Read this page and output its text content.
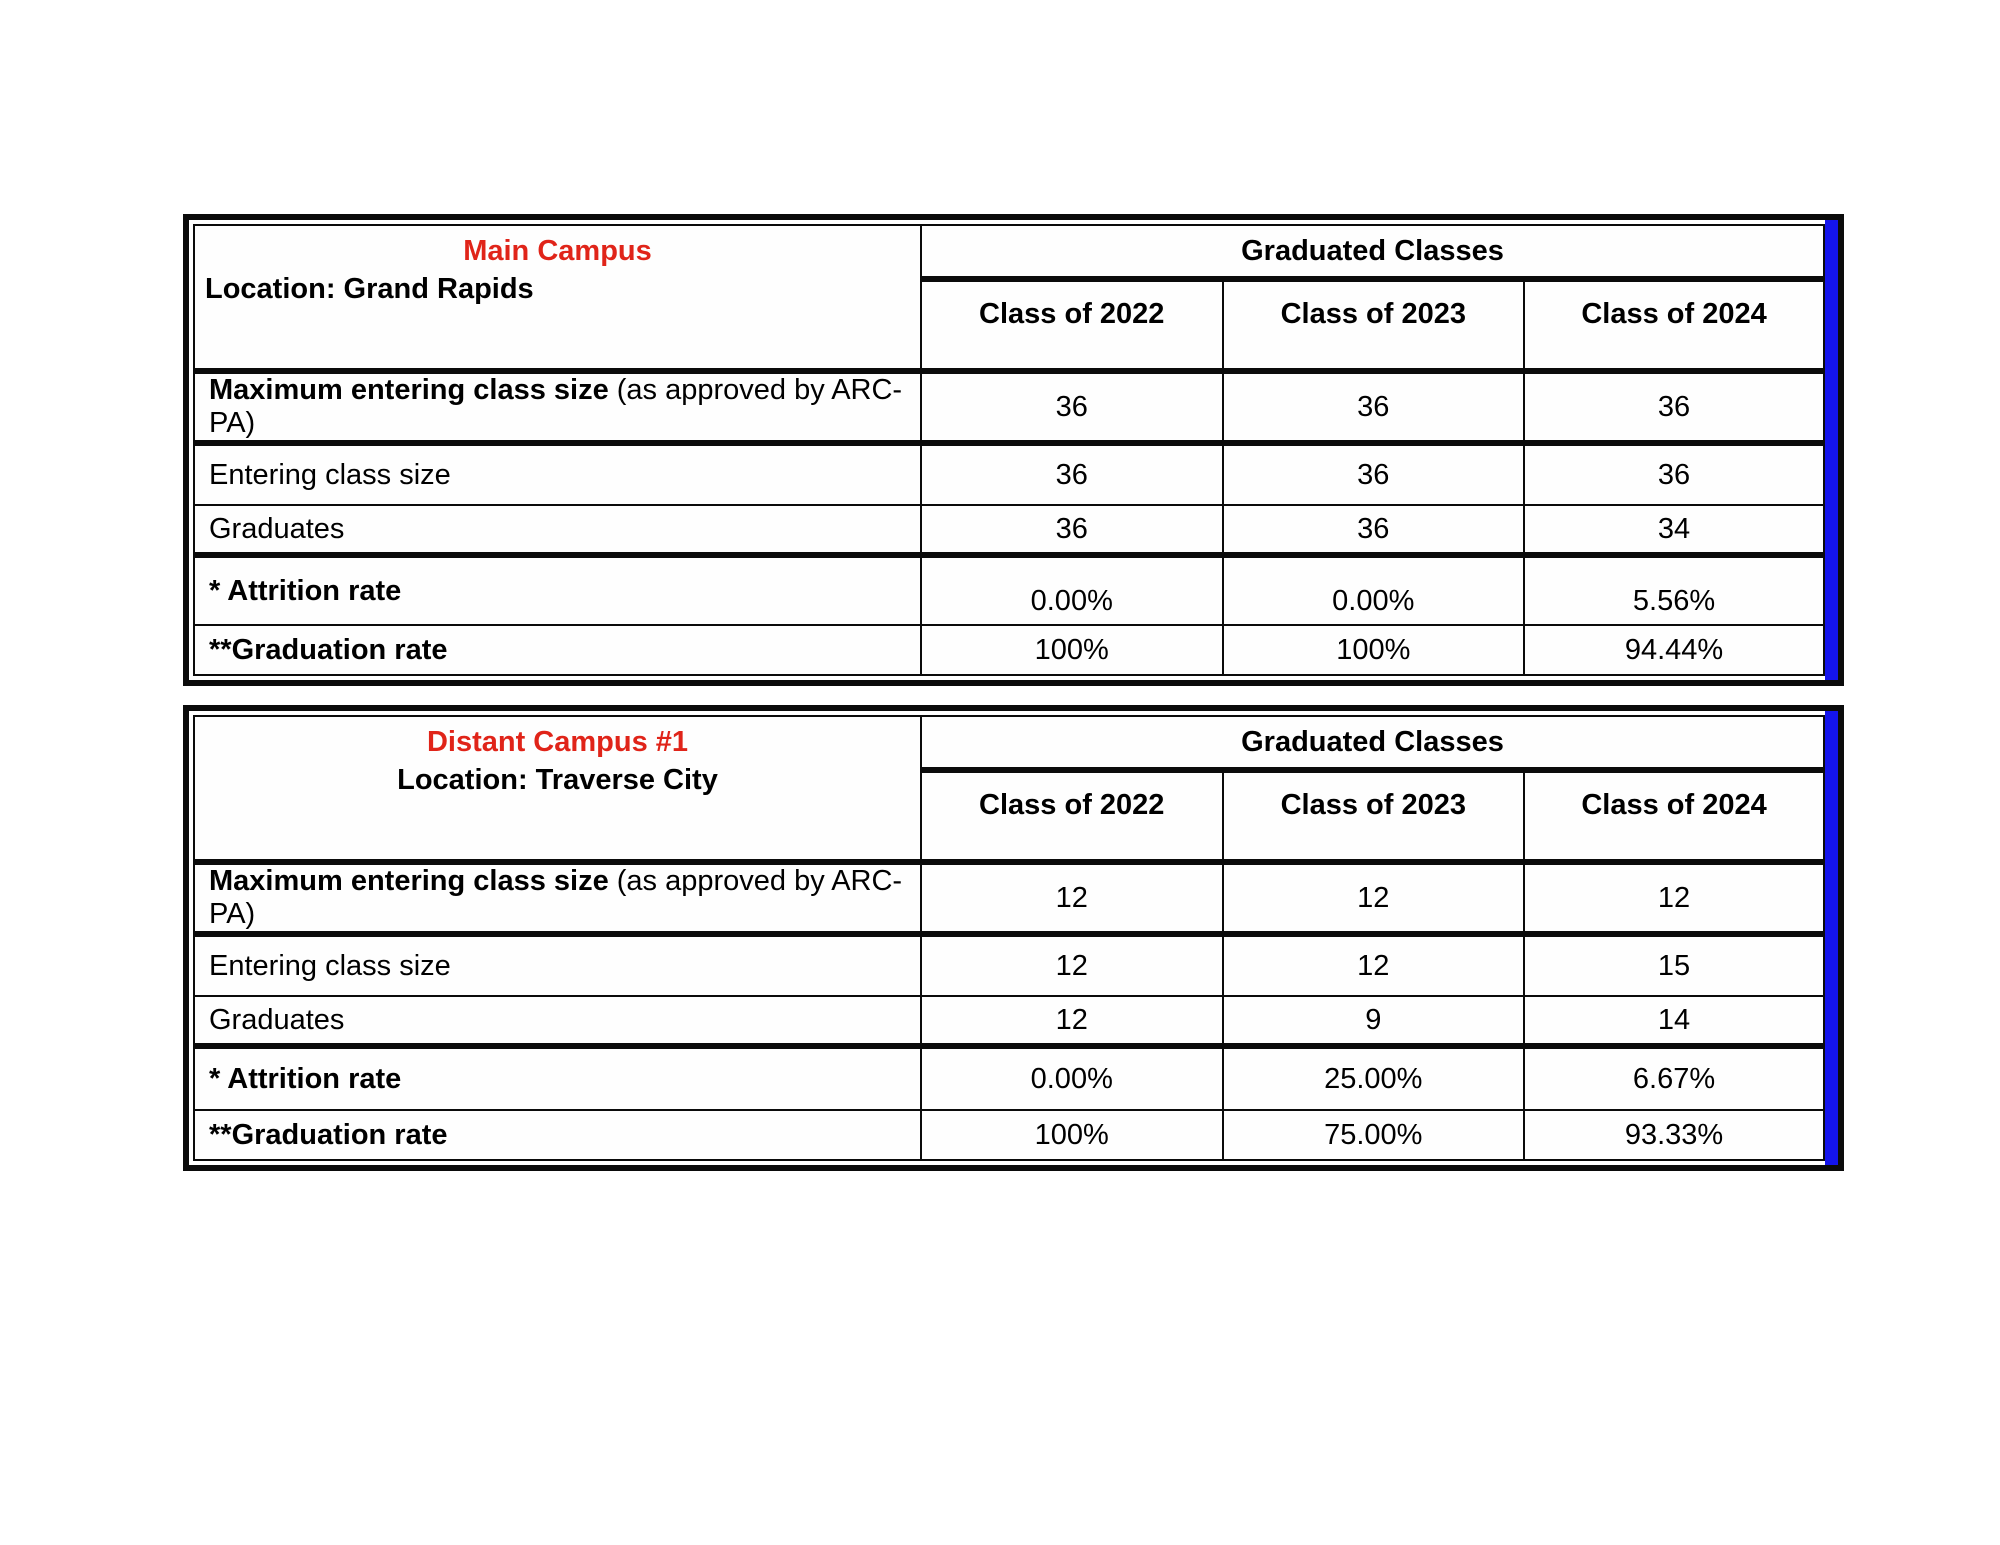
Main Campus
Location: Grand Rapids	Graduated Classes		
	Class of 2022	Class of 2023	Class of 2024
Maximum entering class size (as approved by ARC-PA)	36	36	36
Entering class size	36	36	36
Graduates	36	36	34
* Attrition rate	0.00%	0.00%	5.56%
**Graduation rate	100%	100%	94.44%
Distant Campus #1
Location: Traverse City	Graduated Classes		
	Class of 2022	Class of 2023	Class of 2024
Maximum entering class size (as approved by ARC-PA)	12	12	12
Entering class size	12	12	15
Graduates	12	9	14
* Attrition rate	0.00%	25.00%	6.67%
**Graduation rate	100%	75.00%	93.33%
